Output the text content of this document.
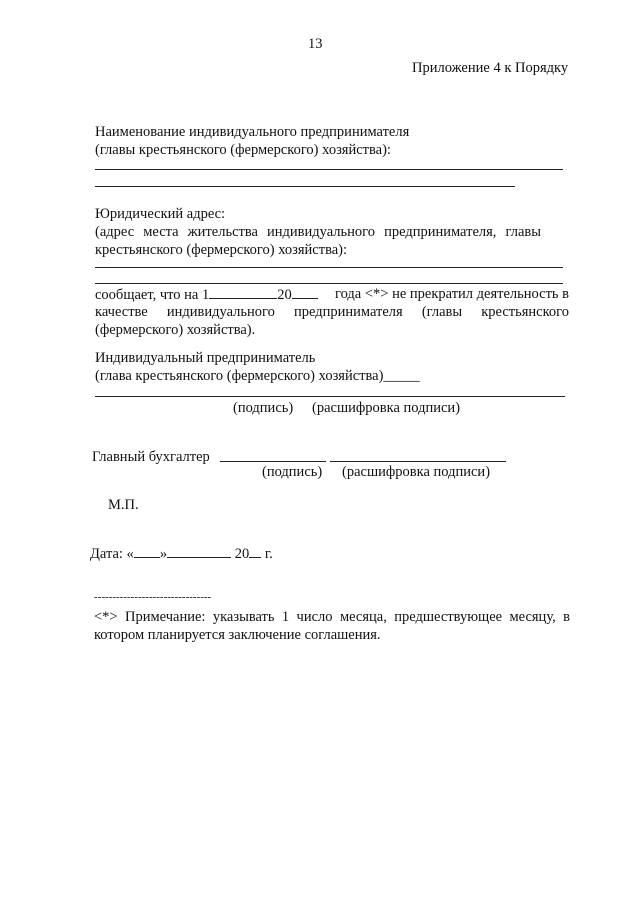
13
Приложение 4 к Порядку
Наименование индивидуального предпринимателя
(главы крестьянского (фермерского) хозяйства):
Юридический адрес:
(адрес места жительства индивидуального предпринимателя, главы
крестьянского (фермерского) хозяйства):
сообщает, что на 1	20	года <*> не прекратил деятельность в
качестве индивидуального предпринимателя (главы крестьянского
(фермерского) хозяйства).
Индивидуальный предприниматель
(глава крестьянского (фермерского) хозяйства)_____
(подпись) (расшифровка подписи)
Главный бухгалтер
(подпись) (расшифровка подписи)
М.П.
Дата: « »	20 г.
--------------------------------
<*> Примечание: указывать 1 число месяца, предшествующее месяцу, в
котором планируется заключение соглашения.
